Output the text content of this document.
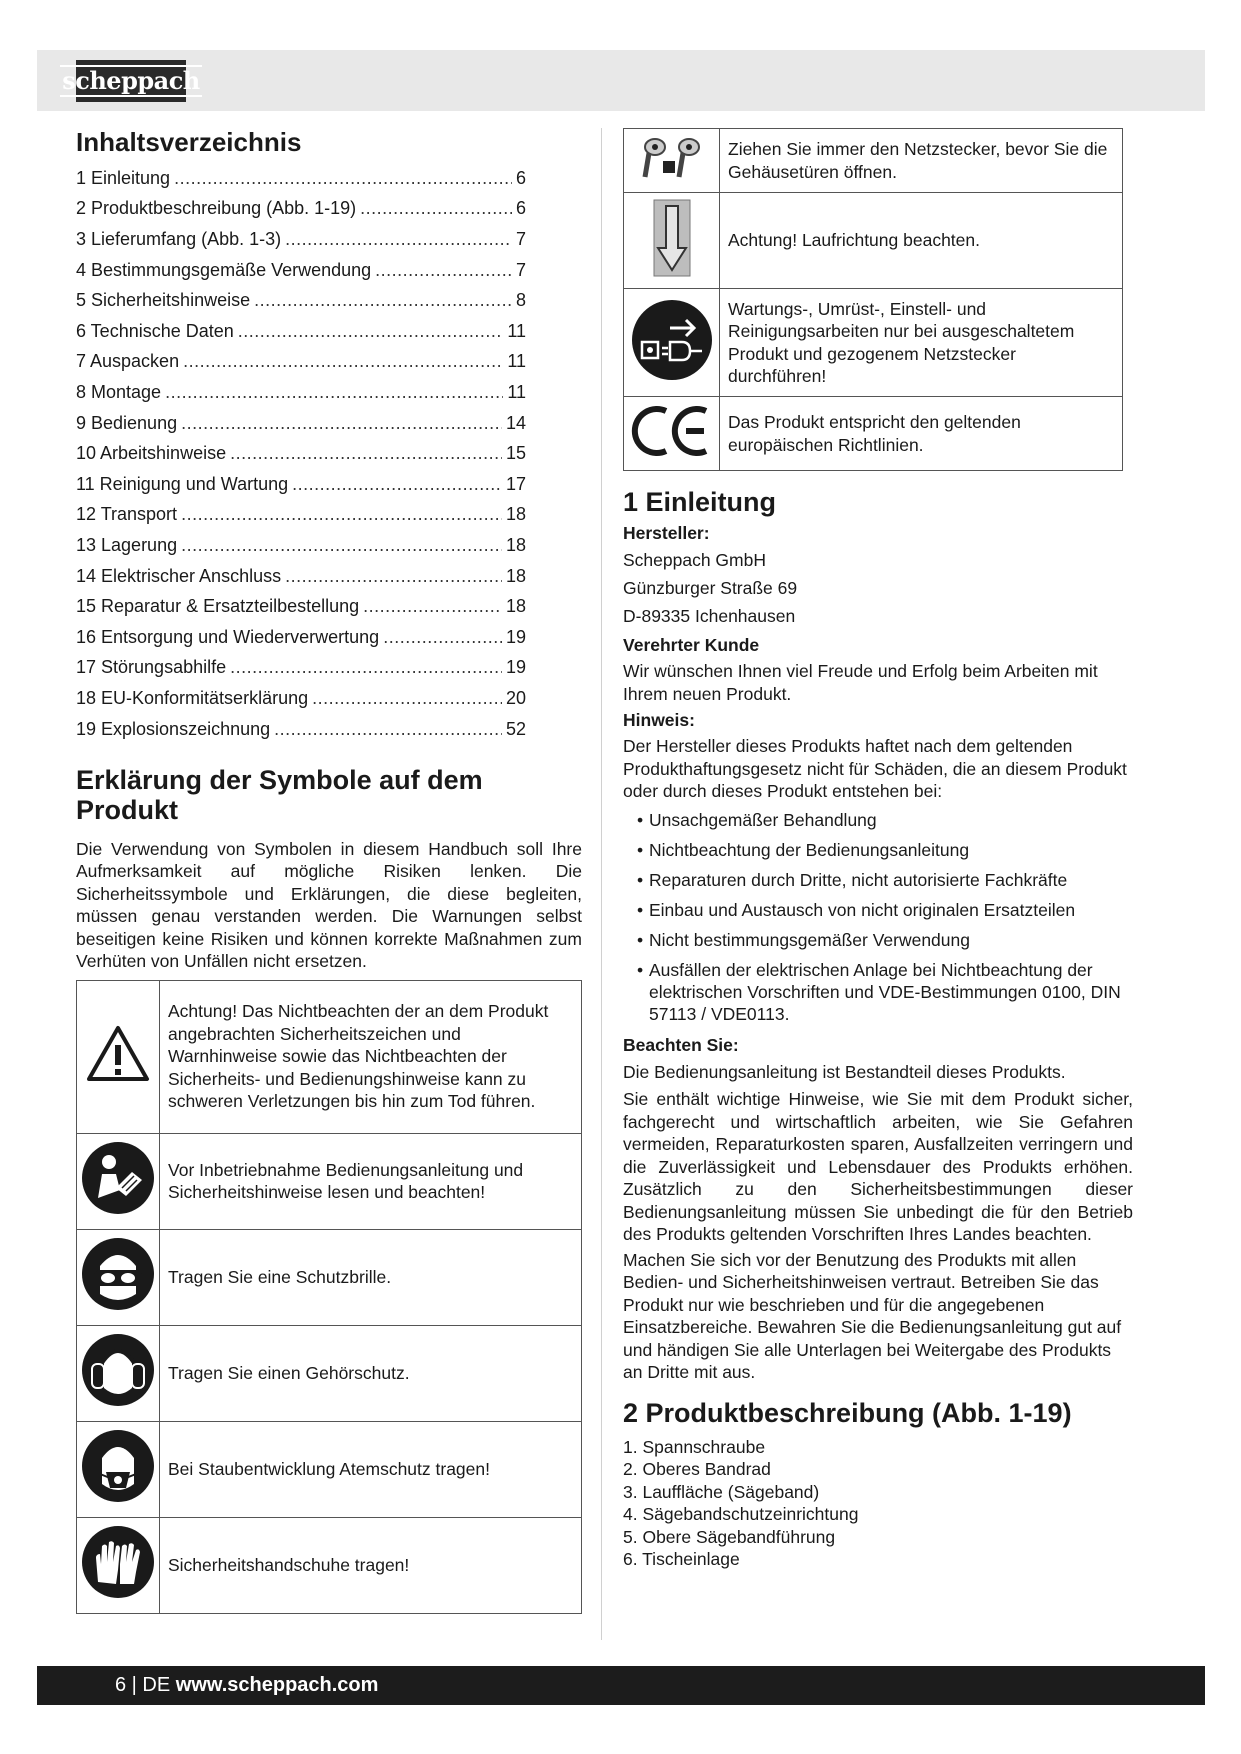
scheppach
Inhaltsverzeichnis
1 Einleitung .....	6
2 Produktbeschreibung (Abb. 1-19) .....	6
3 Lieferumfang (Abb. 1-3) .....	7
4 Bestimmungsgemäße Verwendung .....	7
5 Sicherheitshinweise .....	8
6 Technische Daten .....	11
7 Auspacken .....	11
8 Montage .....	11
9 Bedienung .....	14
10 Arbeitshinweise .....	15
11 Reinigung und Wartung .....	17
12 Transport .....	18
13 Lagerung .....	18
14 Elektrischer Anschluss .....	18
15 Reparatur & Ersatzteilbestellung .....	18
16 Entsorgung und Wiederverwertung .....	19
17 Störungsabhilfe .....	19
18 EU-Konformitätserklärung .....	20
19 Explosionszeichnung .....	52
Erklärung der Symbole auf dem Produkt

Die Verwendung von Symbolen in diesem Handbuch soll Ihre Aufmerksamkeit auf mögliche Risiken lenken. Die Sicherheitssymbole und Erklärungen, die diese begleiten, müssen genau verstanden werden. Die Warnungen selbst beseitigen keine Risiken und können korrekte Maßnahmen zum Verhüten von Unfällen nicht ersetzen.

	Achtung! Das Nichtbeachten der an dem Produkt angebrachten Sicherheitszeichen und Warnhinweise sowie das Nichtbeachten der Sicherheits- und Bedienungshinweise kann zu schweren Verletzungen bis hin zum Tod führen.
	Vor Inbetriebnahme Bedienungsanleitung und Sicherheitshinweise lesen und beachten!
	Tragen Sie eine Schutzbrille.
	Tragen Sie einen Gehörschutz.
	Bei Staubentwicklung Atemschutz tragen!
	Sicherheitshandschuhe tragen!
	Ziehen Sie immer den Netzstecker, bevor Sie die Gehäusetüren öffnen.
	Achtung! Laufrichtung beachten.
	Wartungs-, Umrüst-, Einstell- und Reinigungsarbeiten nur bei ausgeschaltetem Produkt und gezogenem Netzstecker durchführen!
	Das Produkt entspricht den geltenden europäischen Richtlinien.
1 Einleitung
Hersteller:

Scheppach GmbH

Günzburger Straße 69

D-89335 Ichenhausen

Verehrter Kunde

Wir wünschen Ihnen viel Freude und Erfolg beim Arbeiten mit Ihrem neuen Produkt.

Hinweis:

Der Hersteller dieses Produkts haftet nach dem geltenden Produkthaftungsgesetz nicht für Schäden, die an diesem Produkt oder durch dieses Produkt entstehen bei:

• Unsachgemäßer Behandlung
• Nichtbeachtung der Bedienungsanleitung
• Reparaturen durch Dritte, nicht autorisierte Fachkräfte
• Einbau und Austausch von nicht originalen Ersatzteilen
• Nicht bestimmungsgemäßer Verwendung
• Ausfällen der elektrischen Anlage bei Nichtbeachtung der elektrischen Vorschriften und VDE-Bestimmungen 0100, DIN 57113 / VDE0113.
Beachten Sie:

Die Bedienungsanleitung ist Bestandteil dieses Produkts.

Sie enthält wichtige Hinweise, wie Sie mit dem Produkt sicher, fachgerecht und wirtschaftlich arbeiten, wie Sie Gefahren vermeiden, Reparaturkosten sparen, Ausfallzeiten verringern und die Zuverlässigkeit und Lebensdauer des Produkts erhöhen. Zusätzlich zu den Sicherheitsbestimmungen dieser Bedienungsanleitung müssen Sie unbedingt die für den Betrieb des Produkts geltenden Vorschriften Ihres Landes beachten.

Machen Sie sich vor der Benutzung des Produkts mit allen Bedien- und Sicherheitshinweisen vertraut. Betreiben Sie das Produkt nur wie beschrieben und für die angegebenen Einsatzbereiche. Bewahren Sie die Bedienungsanleitung gut auf und händigen Sie alle Unterlagen bei Weitergabe des Produkts an Dritte mit aus.

2 Produktbeschreibung (Abb. 1-19)
1. Spannschraube
2. Oberes Bandrad
3. Lauffläche (Sägeband)
4. Sägebandschutzeinrichtung
5. Obere Sägebandführung
6. Tischeinlage
6 | DE www.scheppach.com
